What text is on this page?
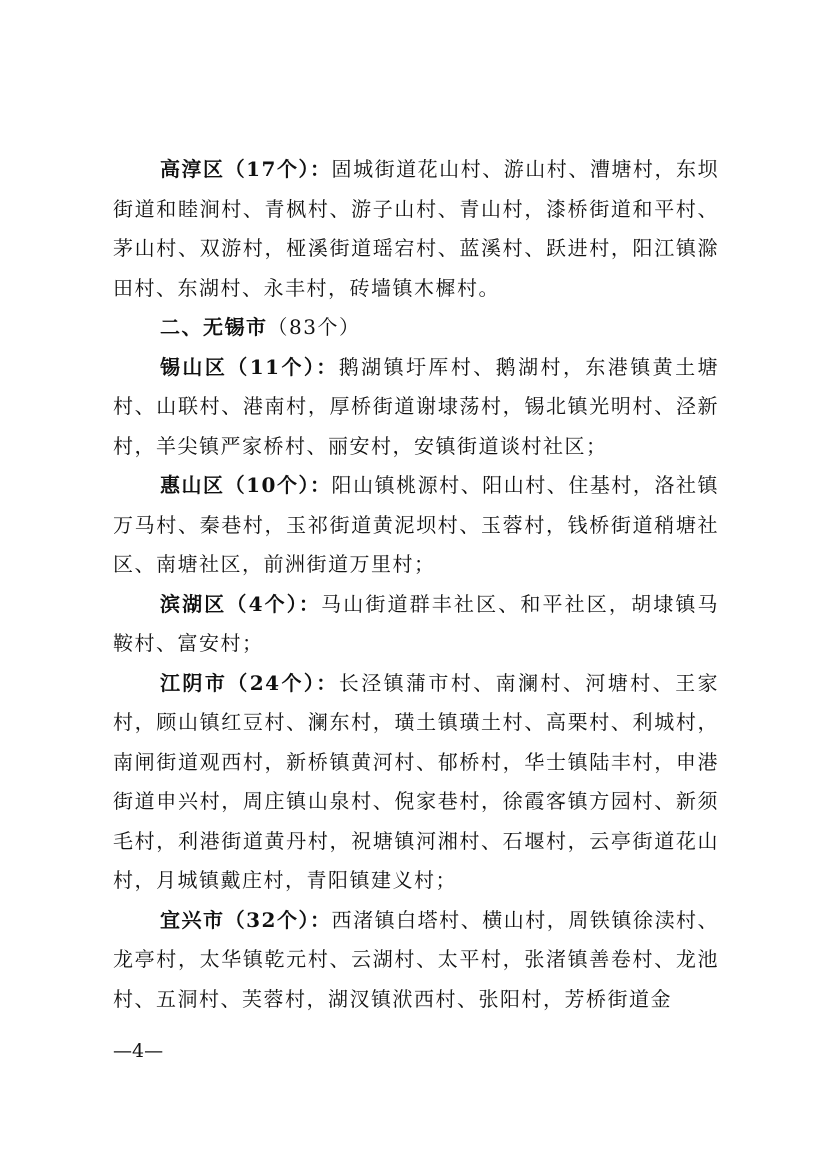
高淳区（17个）：固城街道花山村、游山村、漕塘村，东坝街道和睦涧村、青枫村、游子山村、青山村，漆桥街道和平村、茅山村、双游村，桠溪街道瑶宕村、蓝溪村、跃进村，阳江镇滁田村、东湖村、永丰村，砖墙镇木樨村。

二、无锡市（83个）

锡山区（11个）：鹅湖镇圩厍村、鹅湖村，东港镇黄土塘村、山联村、港南村，厚桥街道谢埭荡村，锡北镇光明村、泾新村，羊尖镇严家桥村、丽安村，安镇街道谈村社区；

惠山区（10个）：阳山镇桃源村、阳山村、住基村，洛社镇万马村、秦巷村，玉祁街道黄泥坝村、玉蓉村，钱桥街道稍塘社区、南塘社区，前洲街道万里村；

滨湖区（4个）：马山街道群丰社区、和平社区，胡埭镇马鞍村、富安村；

江阴市（24个）：长泾镇蒲市村、南澜村、河塘村、王家村，顾山镇红豆村、澜东村，璜土镇璜土村、高栗村、利城村，南闸街道观西村，新桥镇黄河村、郁桥村，华士镇陆丰村，申港街道申兴村，周庄镇山泉村、倪家巷村，徐霞客镇方园村、新须毛村，利港街道黄丹村，祝塘镇河湘村、石堰村，云亭街道花山村，月城镇戴庄村，青阳镇建义村；

宜兴市（32个）：西渚镇白塔村、横山村，周铁镇徐渎村、龙亭村，太华镇乾元村、云湖村、太平村，张渚镇善卷村、龙池村、五洞村、芙蓉村，湖汊镇洑西村、张阳村，芳桥街道金

—4—
